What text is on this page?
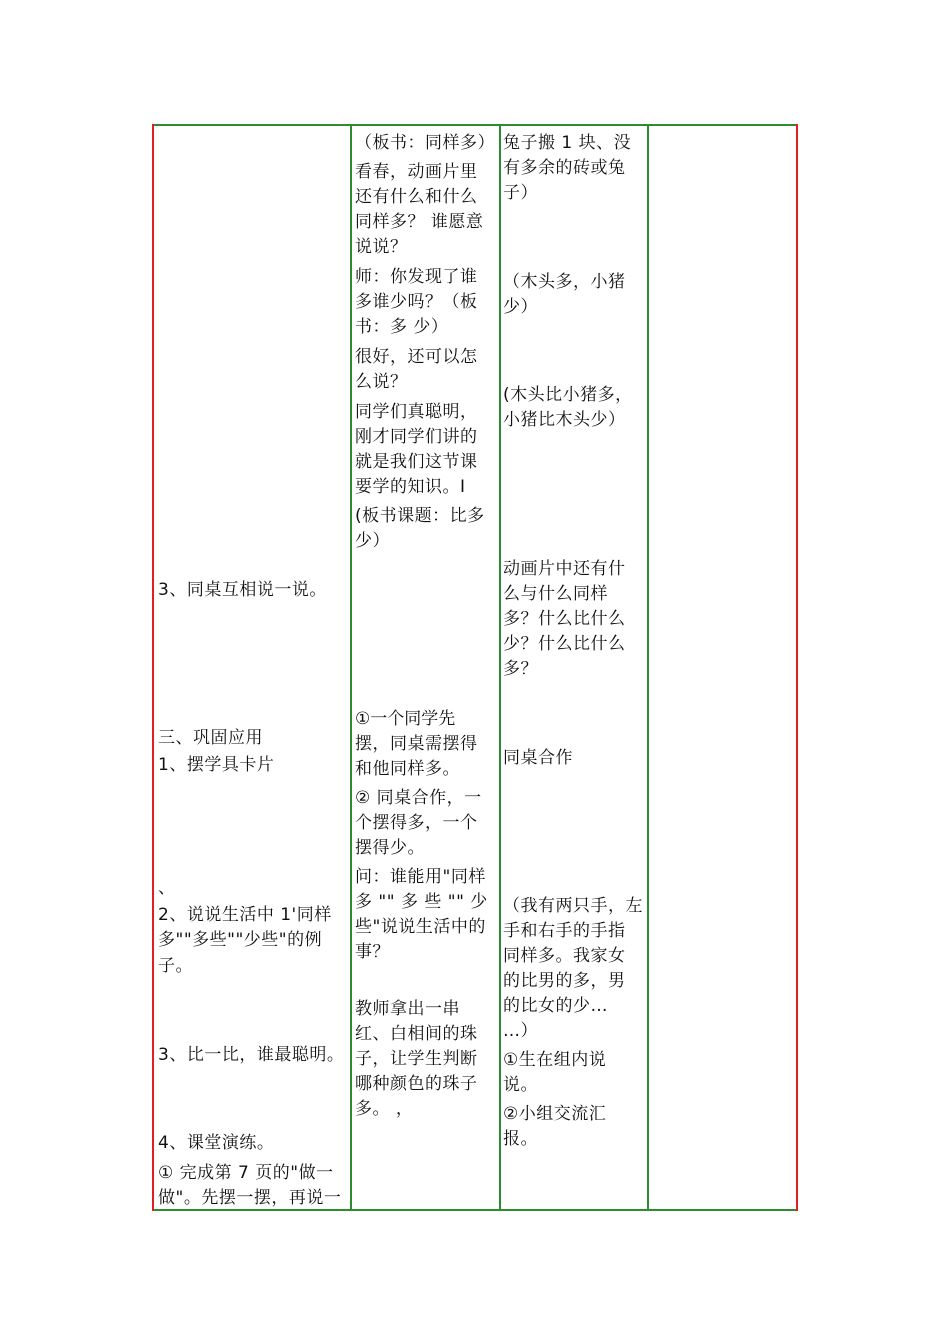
3、同桌互相说一说。
三、巩固应用
1、摆学具卡片
、
2、说说生活中 1'同样
多""多些""少些"的例
子。
3、比一比，谁最聪明。
4、课堂演练。
① 完成第 7 页的"做一
做"。先摆一摆，再说一
（板书：同样多）
看春，动画片里
还有什么和什么
同样多？ 谁愿意
说说？
师：你发现了谁
多谁少吗？（板
书：多 少）
很好，还可以怎
么说？
同学们真聪明，
刚才同学们讲的
就是我们这节课
要学的知识。I
(板书课题：比多
少）
①一个同学先
摆，同桌需摆得
和他同样多。
② 同桌合作，一
个摆得多，一个
摆得少。
问：谁能用"同样
多 "" 多 些 "" 少
些"说说生活中的
事？
教师拿出一串
红、白相间的珠
子，让学生判断
哪种颜色的珠子
多。 ，
兔子搬 1 块、没
有多余的砖或兔
子）
（木头多，小猪
少）
(木头比小猪多，
小猪比木头少）
动画片中还有什
么与什么同样
多？什么比什么
少？什么比什么
多？
同桌合作
（我有两只手，左
手和右手的手指
同样多。我家女
的比男的多，男
的比女的少…
…）
①生在组内说
说。
②小组交流汇
报。
